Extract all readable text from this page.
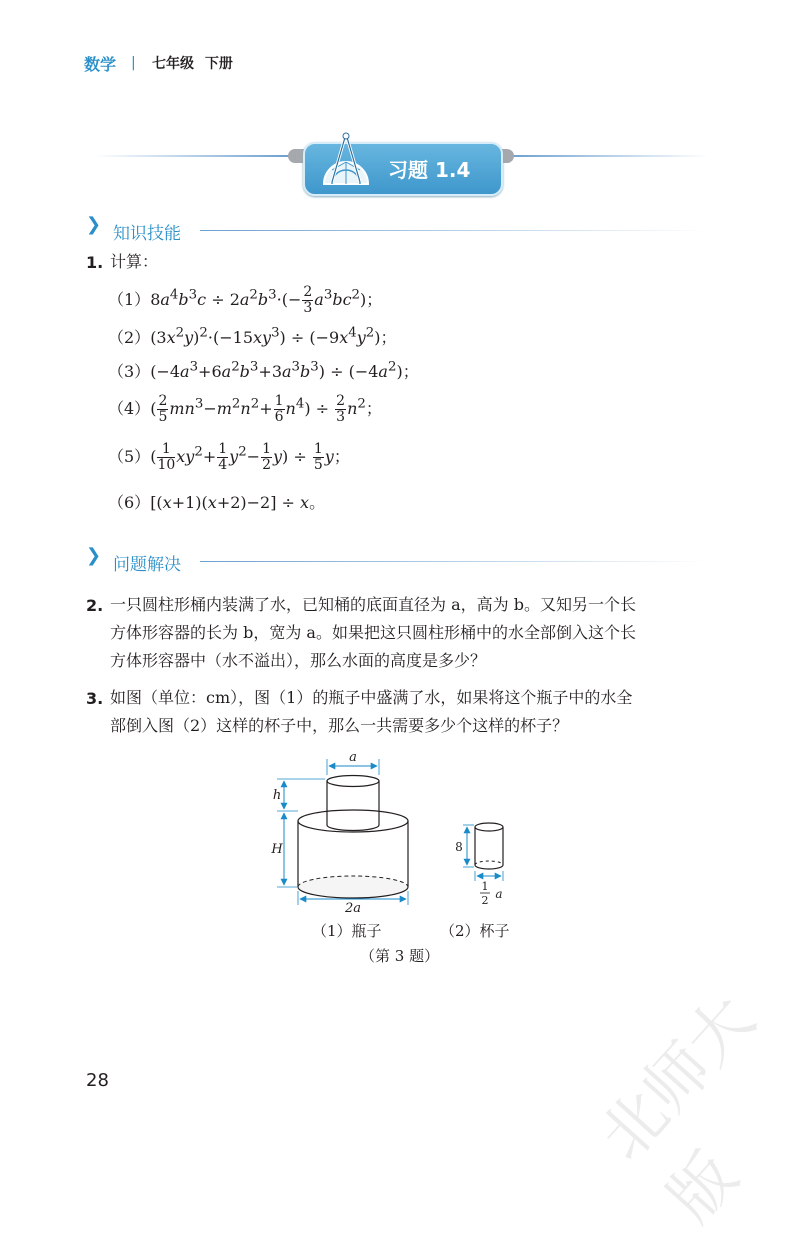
数学 | 七年级 下册
习题 1.4
❯ 知识技能
1. 计算：
$(1)8a^4b^3c \div 2a^2b^3\cdot(- \frac{2}{3} a^3bc^2)$；
$(2)(3x^2y)^2\cdot(-15xy^3) \div (-9x^4y^2)$；
$(3)(-4a^3+6a^2b^3+3a^3b^3) \div (-4a^2)$；
$(4)( \frac{2}{5} mn^3-m^2n^2+ \frac{1}{6} n^4) \div \frac{2}{3} n^2$；
$(5)( \frac{1}{10} xy^2+ \frac{1}{4} y^2- \frac{1}{2} y) \div \frac{1}{5}$ y；
（6）[(x+1)(x+2)−2] ÷ x。
❯ 问题解决
2. 一只圆柱形桶内装满了水，已知桶的底面直径为 a，高为 b。又知另一个长
方体形容器的长为 b，宽为 a。如果把这只圆柱形桶中的水全部倒入这个长
方体形容器中（水不溢出），那么水面的高度是多少？
3. 如图（单位：cm），图（1）的瓶子中盛满了水，如果将这个瓶子中的水全
部倒入图（2）这样的杯子中，那么一共需要多少个这样的杯子？
a
h
H
2a
8
1
2 a
（1）瓶子	（2）杯子
（第 3 题）
28	北师大版
